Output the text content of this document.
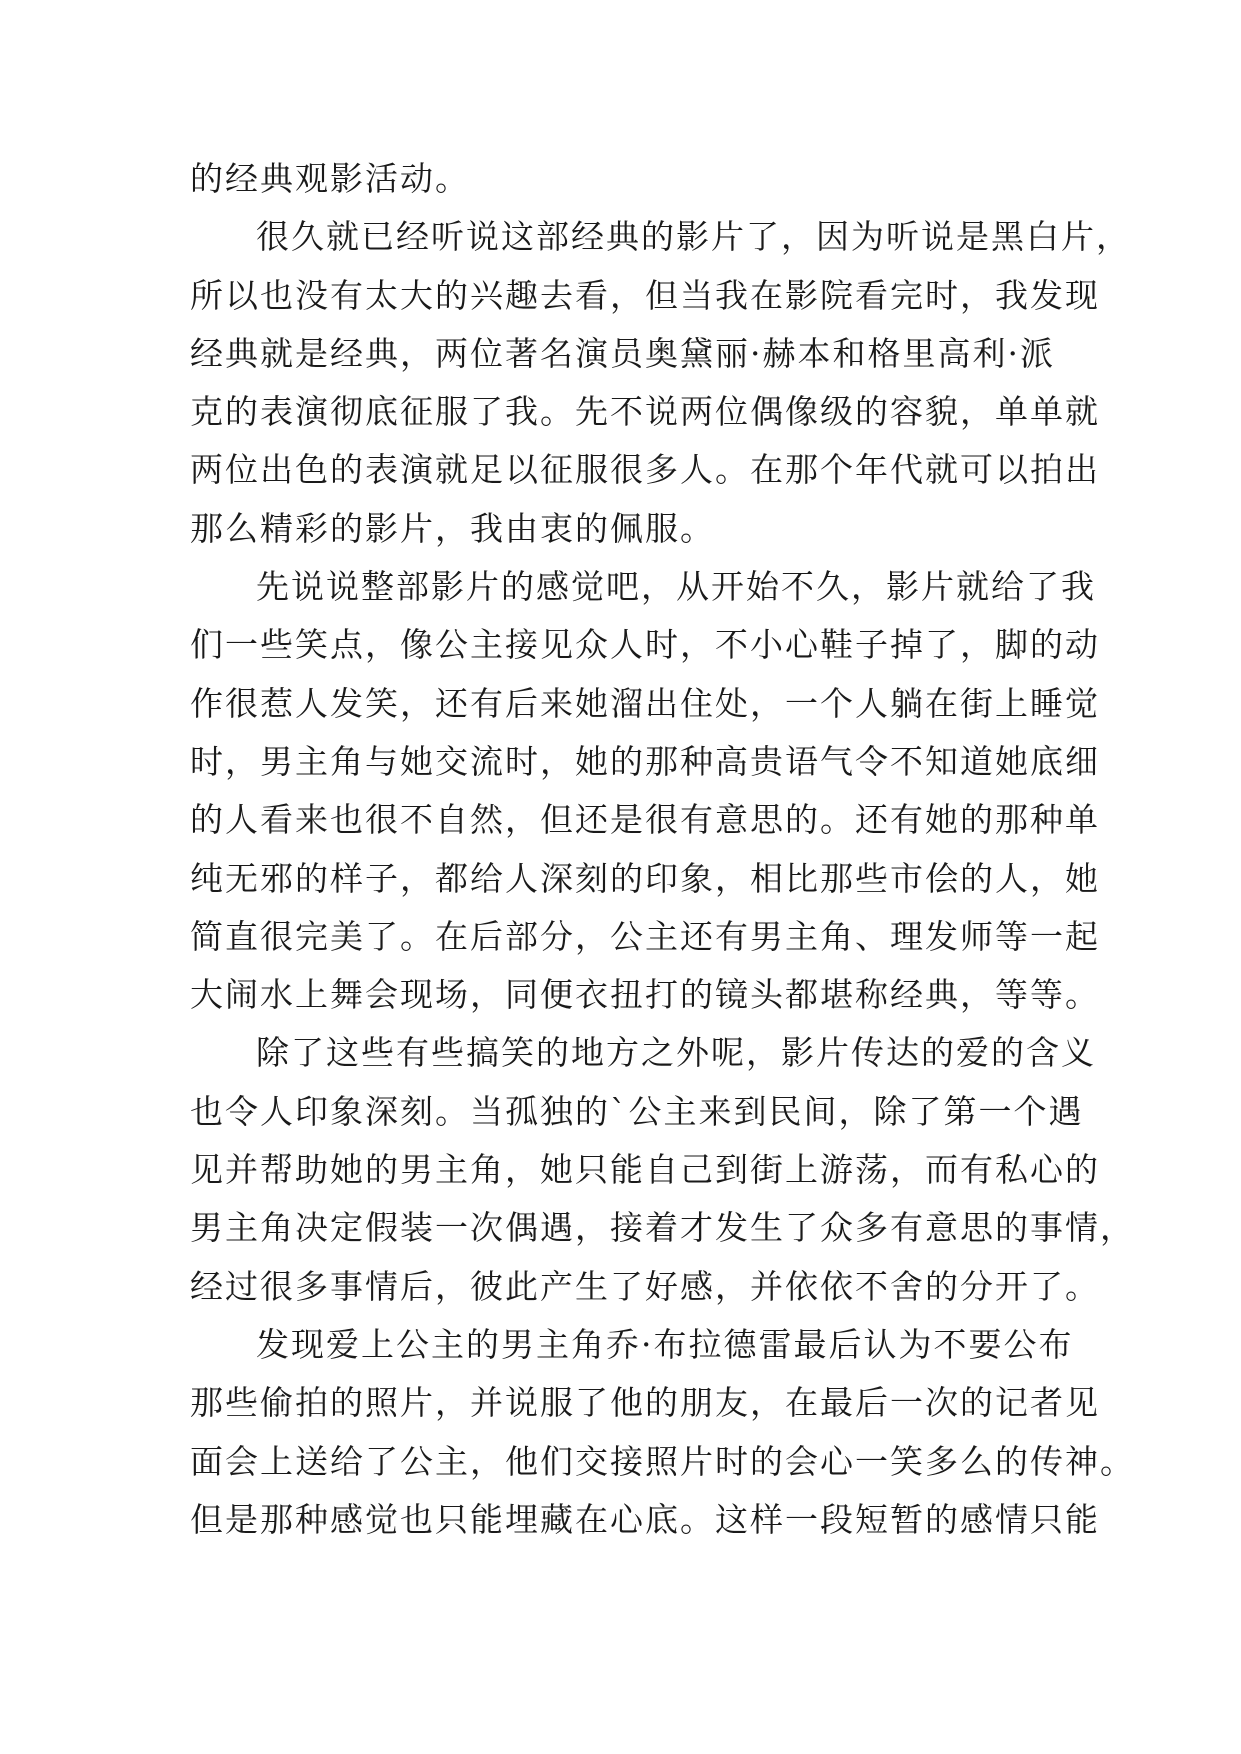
的经典观影活动。
很久就已经听说这部经典的影片了，因为听说是黑白片，
所以也没有太大的兴趣去看，但当我在影院看完时，我发现
经典就是经典，两位著名演员奥黛丽·赫本和格里高利·派
克的表演彻底征服了我。先不说两位偶像级的容貌，单单就
两位出色的表演就足以征服很多人。在那个年代就可以拍出
那么精彩的影片，我由衷的佩服。
先说说整部影片的感觉吧，从开始不久，影片就给了我
们一些笑点，像公主接见众人时，不小心鞋子掉了，脚的动
作很惹人发笑，还有后来她溜出住处，一个人躺在街上睡觉
时，男主角与她交流时，她的那种高贵语气令不知道她底细
的人看来也很不自然，但还是很有意思的。还有她的那种单
纯无邪的样子，都给人深刻的印象，相比那些市侩的人，她
简直很完美了。在后部分，公主还有男主角、理发师等一起
大闹水上舞会现场，同便衣扭打的镜头都堪称经典，等等。
除了这些有些搞笑的地方之外呢，影片传达的爱的含义
也令人印象深刻。当孤独的`公主来到民间，除了第一个遇
见并帮助她的男主角，她只能自己到街上游荡，而有私心的
男主角决定假装一次偶遇，接着才发生了众多有意思的事情，
经过很多事情后，彼此产生了好感，并依依不舍的分开了。
发现爱上公主的男主角乔·布拉德雷最后认为不要公布
那些偷拍的照片，并说服了他的朋友，在最后一次的记者见
面会上送给了公主，他们交接照片时的会心一笑多么的传神。
但是那种感觉也只能埋藏在心底。这样一段短暂的感情只能
